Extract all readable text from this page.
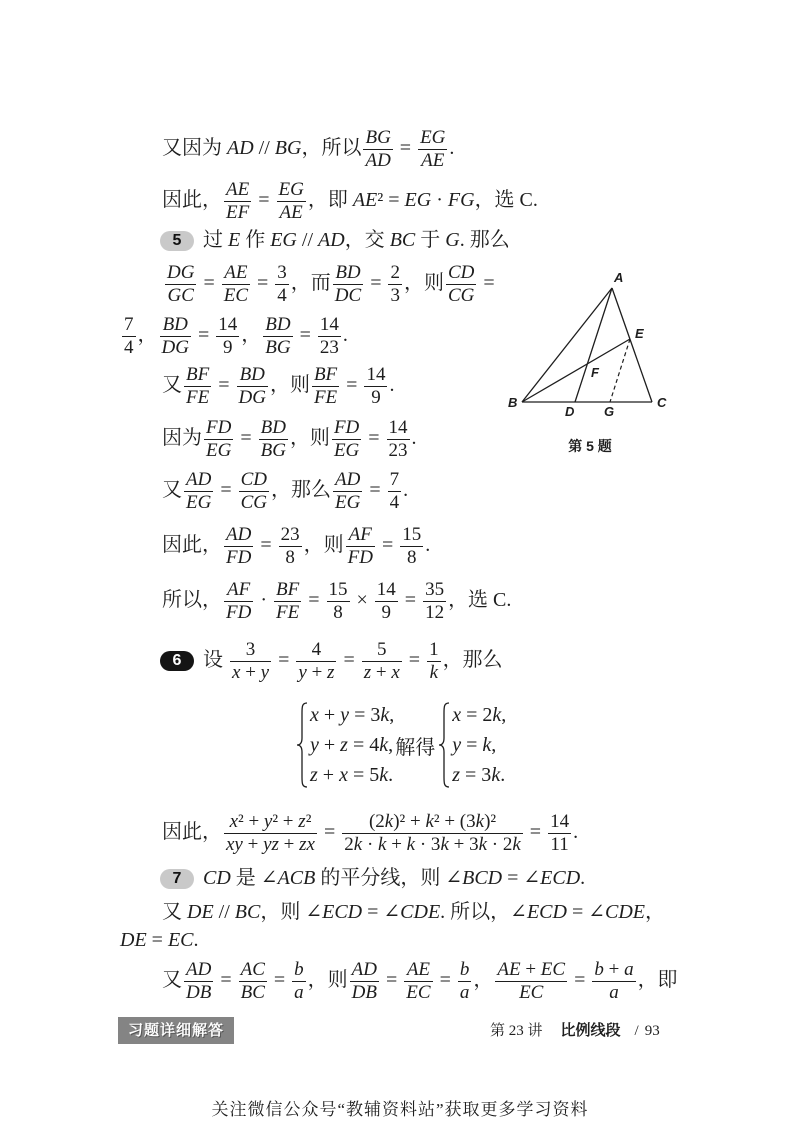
又因为 AD // BG，所以 $\frac{BG}{AD} = \frac{EG}{AE}$ .
因此， $\frac{AE}{EF} = \frac{EG}{AE}$ ，即 AE² = EG · FG，选 C.
5 过 E 作 EG // AD，交 BC 于 G. 那么
$\frac{DG}{GC} = \frac{AE}{EC} = \frac{3}{4}$ ，而 $\frac{BD}{DC} = \frac{2}{3}$ ，则 $\frac{CD}{CG}$ =
$\frac{7}{4}$ ， $\frac{BD}{DG} = \frac{14}{9}$ ， $\frac{BD}{BG} = \frac{14}{23}$ .
又 $\frac{BF}{FE} = \frac{BD}{DG}$ ，则 $\frac{BF}{FE} = \frac{14}{9}$ .
因为 $\frac{FD}{EG} = \frac{BD}{BG}$ ，则 $\frac{FD}{EG} = \frac{14}{23}$ .
又 $\frac{AD}{EG} = \frac{CD}{CG}$ ，那么 $\frac{AD}{EG} = \frac{7}{4}$ .
因此， $\frac{AD}{FD} = \frac{23}{8}$ ，则 $\frac{AF}{FD} = \frac{15}{8}$ .
所以， $\frac{AF}{FD} \cdot \frac{BF}{FE} = \frac{15}{8} \times \frac{14}{9} = \frac{35}{12}$ ，选 C.
6 设 $\frac{3}{x + y} = \frac{4}{y + z} = \frac{5}{z + x} = \frac{1}{k}$ ，那么
x + y = 3k,
y + z = 4k,
z + x = 5k.
解得
x = 2k,
y = k,
z = 3k.
因此， $\frac{\text{x² + y² + z²}}{xy + yz + zx} = \frac{\text{(2k)² + k² + (3k)²}}{2k \cdot k + k \cdot 3k + 3k \cdot 2k} = \frac{14}{11}$ .
7 CD 是 ∠ACB 的平分线，则 ∠BCD = ∠ECD.
又 DE // BC，则 ∠ECD = ∠CDE. 所以，∠ECD = ∠CDE，
DE = EC.
又 $\frac{AD}{DB} = \frac{AC}{BC} = \frac{b}{a}$ ，则 $\frac{AD}{DB} = \frac{AE}{EC} = \frac{b}{a}$ ， $\frac{AE + EC}{EC} = \frac{b + a}{a}$ ，即
A
B	C
D
E
F
G
第 5 题
习题详细解答	第 23 讲 比例线段 / 93
关注微信公众号“教辅资料站”获取更多学习资料
